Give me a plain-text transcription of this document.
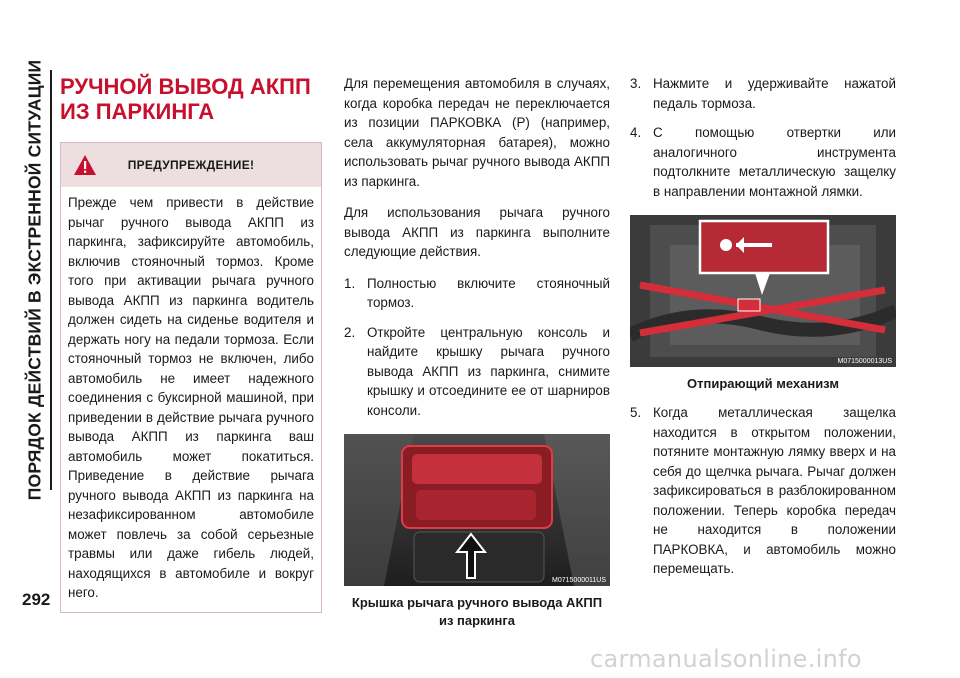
ПОРЯДОК ДЕЙСТВИЙ В ЭКСТРЕННОЙ СИТУАЦИИ
292
РУЧНОЙ ВЫВОД АКПП ИЗ ПАРКИНГА
ПРЕДУПРЕЖДЕНИЕ!
Прежде чем привести в действие рычаг ручного вывода АКПП из паркинга, зафиксируйте автомобиль, включив стояночный тормоз. Кроме того при активации рычага ручного вывода АКПП из паркинга водитель должен сидеть на сиденье водителя и держать ногу на педали тормоза. Если стояночный тормоз не включен, либо автомобиль не имеет надежного соединения с буксирной машиной, при приведении в действие рычага ручного вывода АКПП из паркинга ваш автомобиль может покатиться. Приведение в действие рычага ручного вывода АКПП из паркинга на незафиксированном автомобиле может повлечь за собой серьезные травмы или даже гибель людей, находящихся в автомобиле и вокруг него.

Для перемещения автомобиля в случаях, когда коробка передач не переключается из позиции ПАРКОВКА (P) (например, села аккумуляторная батарея), можно использовать рычаг ручного вывода АКПП из паркинга.

Для использования рычага ручного вывода АКПП из паркинга выполните следующие действия.

1. Полностью включите стояночный тормоз.
2. Откройте центральную консоль и найдите крышку рычага ручного вывода АКПП из паркинга, снимите крышку и отсоедините ее от шарниров консоли.
M0715000011US
Крышка рычага ручного вывода АКПП из паркинга
3. Нажмите и удерживайте нажатой педаль тормоза.
4. С помощью отвертки или аналогичного инструмента подтолкните металлическую защелку в направлении монтажной лямки.
M0715000013US
Отпирающий механизм
5. Когда металлическая защелка находится в открытом положении, потяните монтажную лямку вверх и на себя до щелчка рычага. Рычаг должен зафиксироваться в разблокированном положении. Теперь коробка передач не находится в положении ПАРКОВКА, и автомобиль можно перемещать.
carmanualsonline.info
